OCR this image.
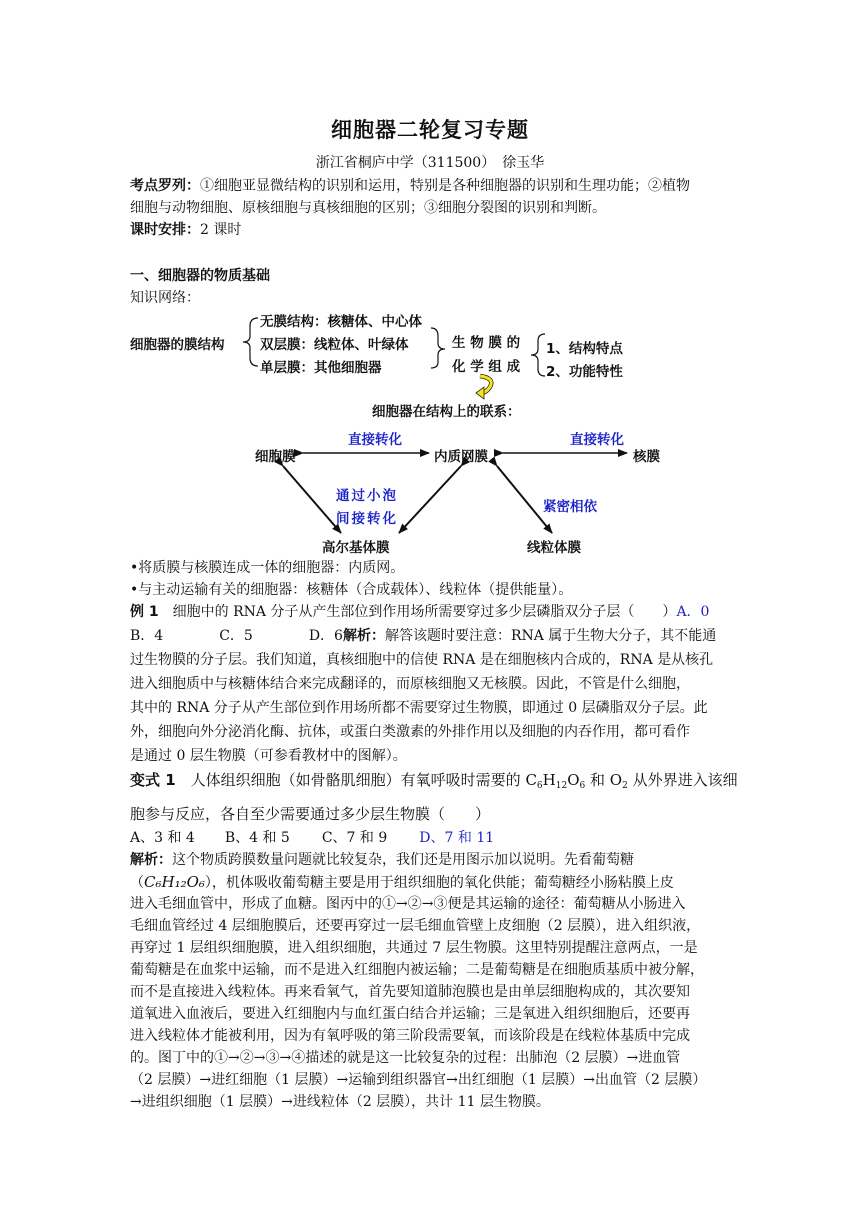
细胞器二轮复习专题
浙江省桐庐中学（311500）　徐玉华
考点罗列：①细胞亚显微结构的识别和运用，特别是各种细胞器的识别和生理功能；②植物
细胞与动物细胞、原核细胞与真核细胞的区别；③细胞分裂图的识别和判断。
课时安排：2 课时
一、细胞器的物质基础
知识网络：
细胞器的膜结构
无膜结构：核糖体、中心体
双层膜：线粒体、叶绿体
单层膜：其他细胞器
生 物 膜 的
化 学 组 成
1、结构特点
2、功能特性
细胞器在结构上的联系：
直接转化	直接转化
细胞膜	内质网膜	核膜
通过小泡
间接转化
紧密相依
高尔基体膜	线粒体膜
•将质膜与核膜连成一体的细胞器：内质网。
•与主动运输有关的细胞器：核糖体（合成载体）、线粒体（提供能量）。
例 1　细胞中的 RNA 分子从产生部位到作用场所需要穿过多少层磷脂双分子层（　　）A．0
B．4　　　　C．5　　　　D．6解析：解答该题时要注意：RNA 属于生物大分子，其不能通
过生物膜的分子层。我们知道，真核细胞中的信使 RNA 是在细胞核内合成的，RNA 是从核孔
进入细胞质中与核糖体结合来完成翻译的，而原核细胞又无核膜。因此，不管是什么细胞，
其中的 RNA 分子从产生部位到作用场所都不需要穿过生物膜，即通过 0 层磷脂双分子层。此
外，细胞向外分泌消化酶、抗体，或蛋白类激素的外排作用以及细胞的内吞作用，都可看作
是通过 0 层生物膜（可参看教材中的图解）。
变式 1　人体组织细胞（如骨骼肌细胞）有氧呼吸时需要的 $C_6H_{12}O_6$ 和 $O_2$ 从外界进入该细
胞参与反应，各自至少需要通过多少层生物膜（　　）
A、3 和 4 B、4 和 5 C、7 和 9 D、7 和 11
解析：这个物质跨膜数量问题就比较复杂，我们还是用图示加以说明。先看葡萄糖
（C₆H₁₂O₆），机体吸收葡萄糖主要是用于组织细胞的氧化供能；葡萄糖经小肠粘膜上皮
进入毛细血管中，形成了血糖。图丙中的①→②→③便是其运输的途径：葡萄糖从小肠进入
毛细血管经过 4 层细胞膜后，还要再穿过一层毛细血管壁上皮细胞（2 层膜），进入组织液，
再穿过 1 层组织细胞膜，进入组织细胞，共通过 7 层生物膜。这里特别提醒注意两点，一是
葡萄糖是在血浆中运输，而不是进入红细胞内被运输；二是葡萄糖是在细胞质基质中被分解，
而不是直接进入线粒体。再来看氧气，首先要知道肺泡膜也是由单层细胞构成的，其次要知
道氧进入血液后，要进入红细胞内与血红蛋白结合并运输；三是氧进入组织细胞后，还要再
进入线粒体才能被利用，因为有氧呼吸的第三阶段需要氧，而该阶段是在线粒体基质中完成
的。图丁中的①→②→③→④描述的就是这一比较复杂的过程：出肺泡（2 层膜）→进血管
（2 层膜）→进红细胞（1 层膜）→运输到组织器官→出红细胞（1 层膜）→出血管（2 层膜）
→进组织细胞（1 层膜）→进线粒体（2 层膜），共计 11 层生物膜。
